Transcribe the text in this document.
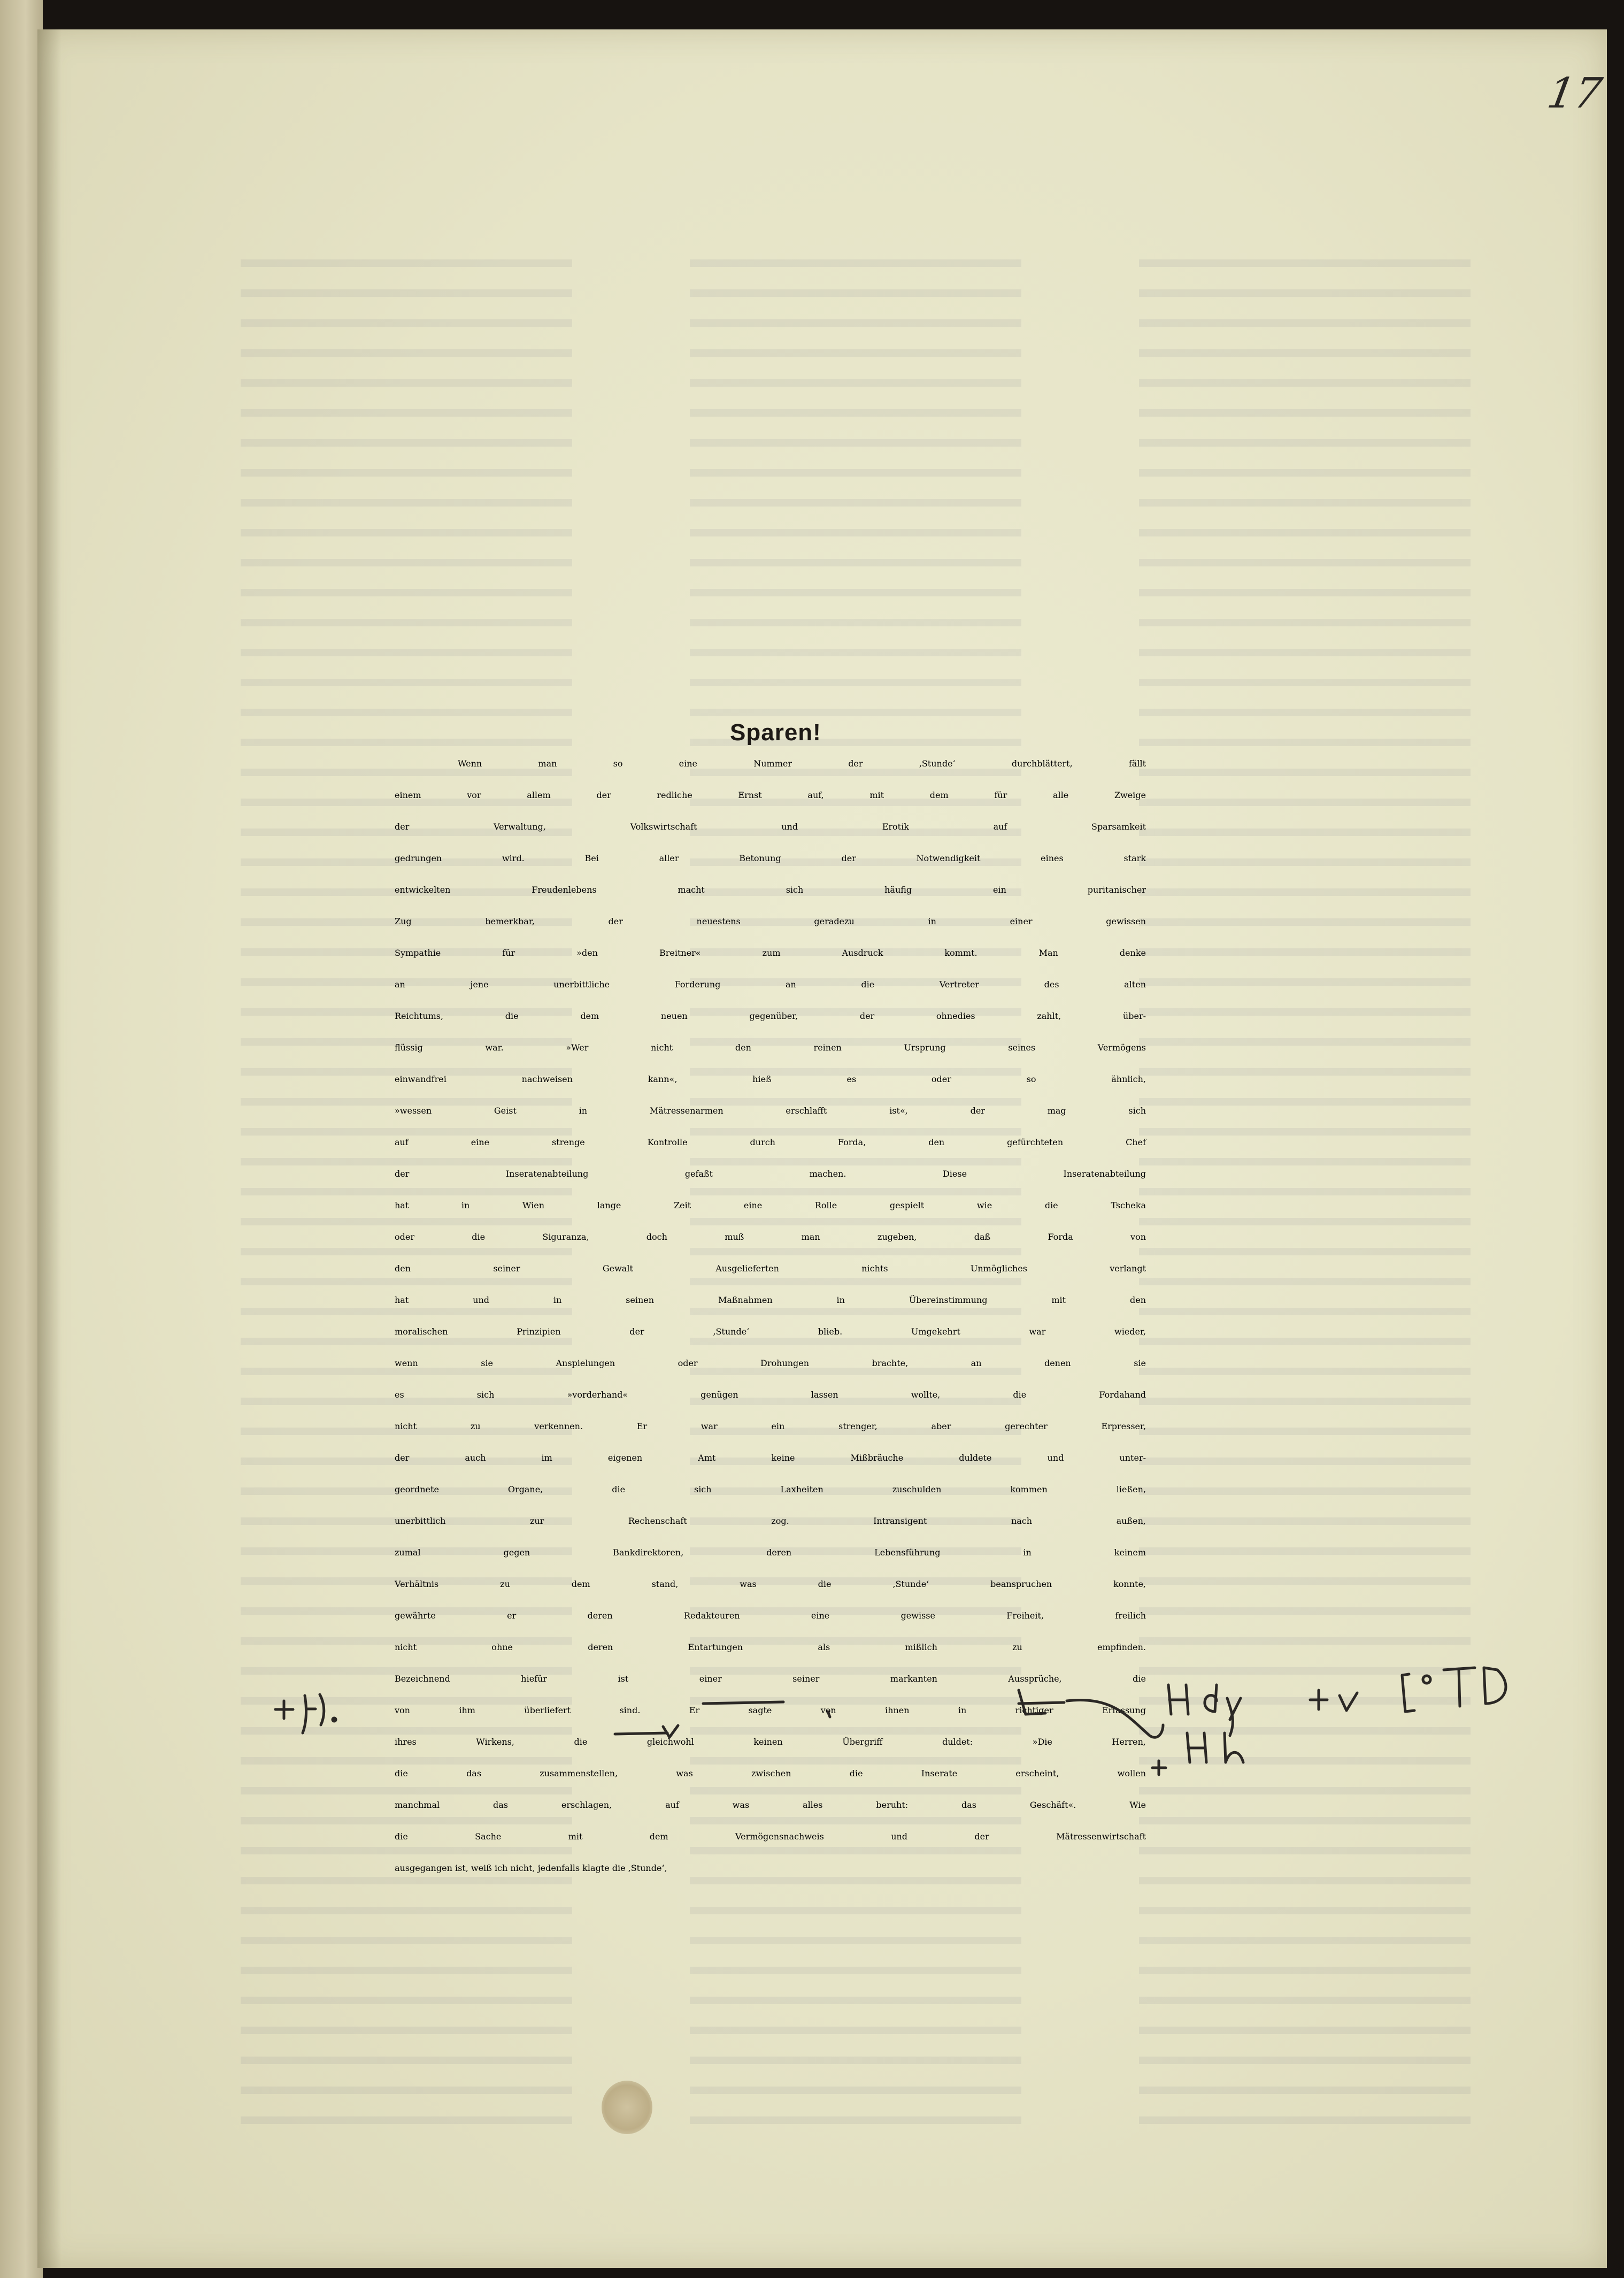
17
Sparen!
Wenn man so eine Nummer der ‚Stunde‘ durchblättert, fällt
einem vor allem der redliche Ernst auf, mit dem für alle Zweige
der Verwaltung, Volkswirtschaft und Erotik auf Sparsamkeit
gedrungen wird. Bei aller Betonung der Notwendigkeit eines stark
entwickelten Freudenlebens macht sich häufig ein puritanischer
Zug bemerkbar, der neuestens geradezu in einer gewissen
Sympathie für »den Breitner« zum Ausdruck kommt. Man denke
an jene unerbittliche Forderung an die Vertreter des alten
Reichtums, die dem neuen gegenüber, der ohnedies zahlt, über-
flüssig war. »Wer nicht den reinen Ursprung seines Vermögens
einwandfrei nachweisen kann«, hieß es oder so ähnlich,
»wessen Geist in Mätressenarmen erschlafft ist«, der mag sich
auf eine strenge Kontrolle durch Forda, den gefürchteten Chef
der Inseratenabteilung gefaßt machen. Diese Inseratenabteilung
hat in Wien lange Zeit eine Rolle gespielt wie die Tscheka
oder die Siguranza, doch muß man zugeben, daß Forda von
den seiner Gewalt Ausgelieferten nichts Unmögliches verlangt
hat und in seinen Maßnahmen in Übereinstimmung mit den
moralischen Prinzipien der ‚Stunde‘ blieb. Umgekehrt war wieder,
wenn sie Anspielungen oder Drohungen brachte, an denen sie
es sich »vorderhand« genügen lassen wollte, die Fordahand
nicht zu verkennen. Er war ein strenger, aber gerechter Erpresser,
der auch im eigenen Amt keine Mißbräuche duldete und unter-
geordnete Organe, die sich Laxheiten zuschulden kommen ließen,
unerbittlich zur Rechenschaft zog. Intransigent nach außen,
zumal gegen Bankdirektoren, deren Lebensführung in keinem
Verhältnis zu dem stand, was die ‚Stunde‘ beanspruchen konnte,
gewährte er deren Redakteuren eine gewisse Freiheit, freilich
nicht ohne deren Entartungen als mißlich zu empfinden.
Bezeichnend hiefür ist einer seiner markanten Aussprüche, die
von ihm überliefert sind. Er sagte von ihnen in richtiger Erfassung
ihres Wirkens, die gleichwohl keinen Übergriff duldet: »Die Herren,
die das zusammenstellen, was zwischen die Inserate erscheint, wollen
manchmal das erschlagen, auf was alles beruht: das Geschäft«. Wie
die Sache mit dem Vermögensnachweis und der Mätressenwirtschaft
ausgegangen ist, weiß ich nicht, jedenfalls klagte die ‚Stunde‘,
